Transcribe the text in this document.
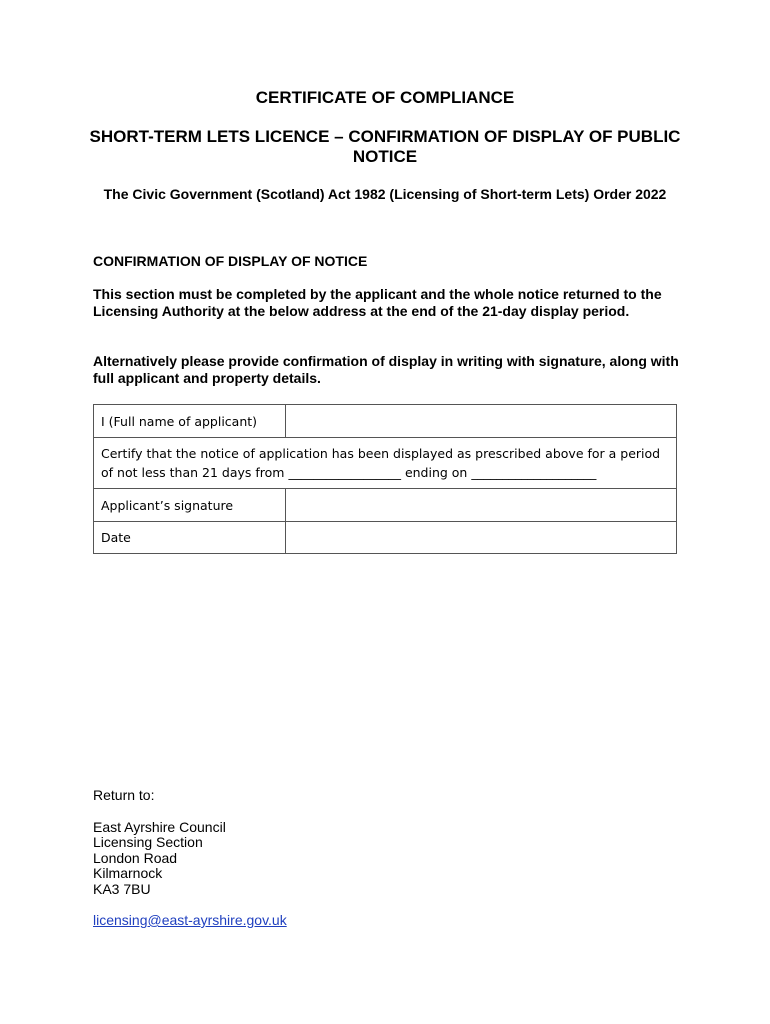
CERTIFICATE OF COMPLIANCE
SHORT-TERM LETS LICENCE – CONFIRMATION OF DISPLAY OF PUBLIC NOTICE

The Civic Government (Scotland) Act 1982 (Licensing of Short-term Lets) Order 2022

CONFIRMATION OF DISPLAY OF NOTICE

This section must be completed by the applicant and the whole notice returned to the Licensing Authority at the below address at the end of the 21-day display period.

Alternatively please provide confirmation of display in writing with signature, along with full applicant and property details.

I (Full name of applicant)	
Certify that the notice of application has been displayed as prescribed above for a period of not less than 21 days from __________________ ending on ____________________	
Applicant’s signature	
Date	

Return to:

East Ayrshire Council

Licensing Section

London Road

Kilmarnock

KA3 7BU

licensing@east-ayrshire.gov.uk
